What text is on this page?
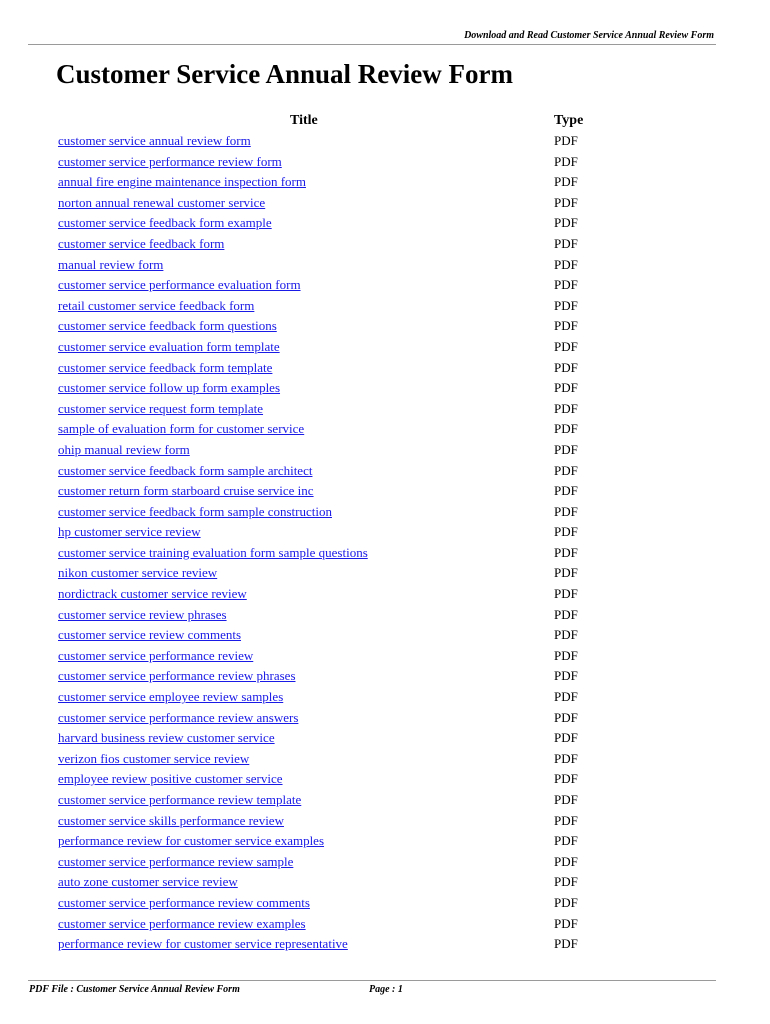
Download and Read Customer Service Annual Review Form
Customer Service Annual Review Form
Title	Type
customer service annual review form	PDF
customer service performance review form	PDF
annual fire engine maintenance inspection form	PDF
norton annual renewal customer service	PDF
customer service feedback form example	PDF
customer service feedback form	PDF
manual review form	PDF
customer service performance evaluation form	PDF
retail customer service feedback form	PDF
customer service feedback form questions	PDF
customer service evaluation form template	PDF
customer service feedback form template	PDF
customer service follow up form examples	PDF
customer service request form template	PDF
sample of evaluation form for customer service	PDF
ohip manual review form	PDF
customer service feedback form sample architect	PDF
customer return form starboard cruise service inc	PDF
customer service feedback form sample construction	PDF
hp customer service review	PDF
customer service training evaluation form sample questions	PDF
nikon customer service review	PDF
nordictrack customer service review	PDF
customer service review phrases	PDF
customer service review comments	PDF
customer service performance review	PDF
customer service performance review phrases	PDF
customer service employee review samples	PDF
customer service performance review answers	PDF
harvard business review customer service	PDF
verizon fios customer service review	PDF
employee review positive customer service	PDF
customer service performance review template	PDF
customer service skills performance review	PDF
performance review for customer service examples	PDF
customer service performance review sample	PDF
auto zone customer service review	PDF
customer service performance review comments	PDF
customer service performance review examples	PDF
performance review for customer service representative	PDF
PDF File : Customer Service Annual Review Form	Page : 1
